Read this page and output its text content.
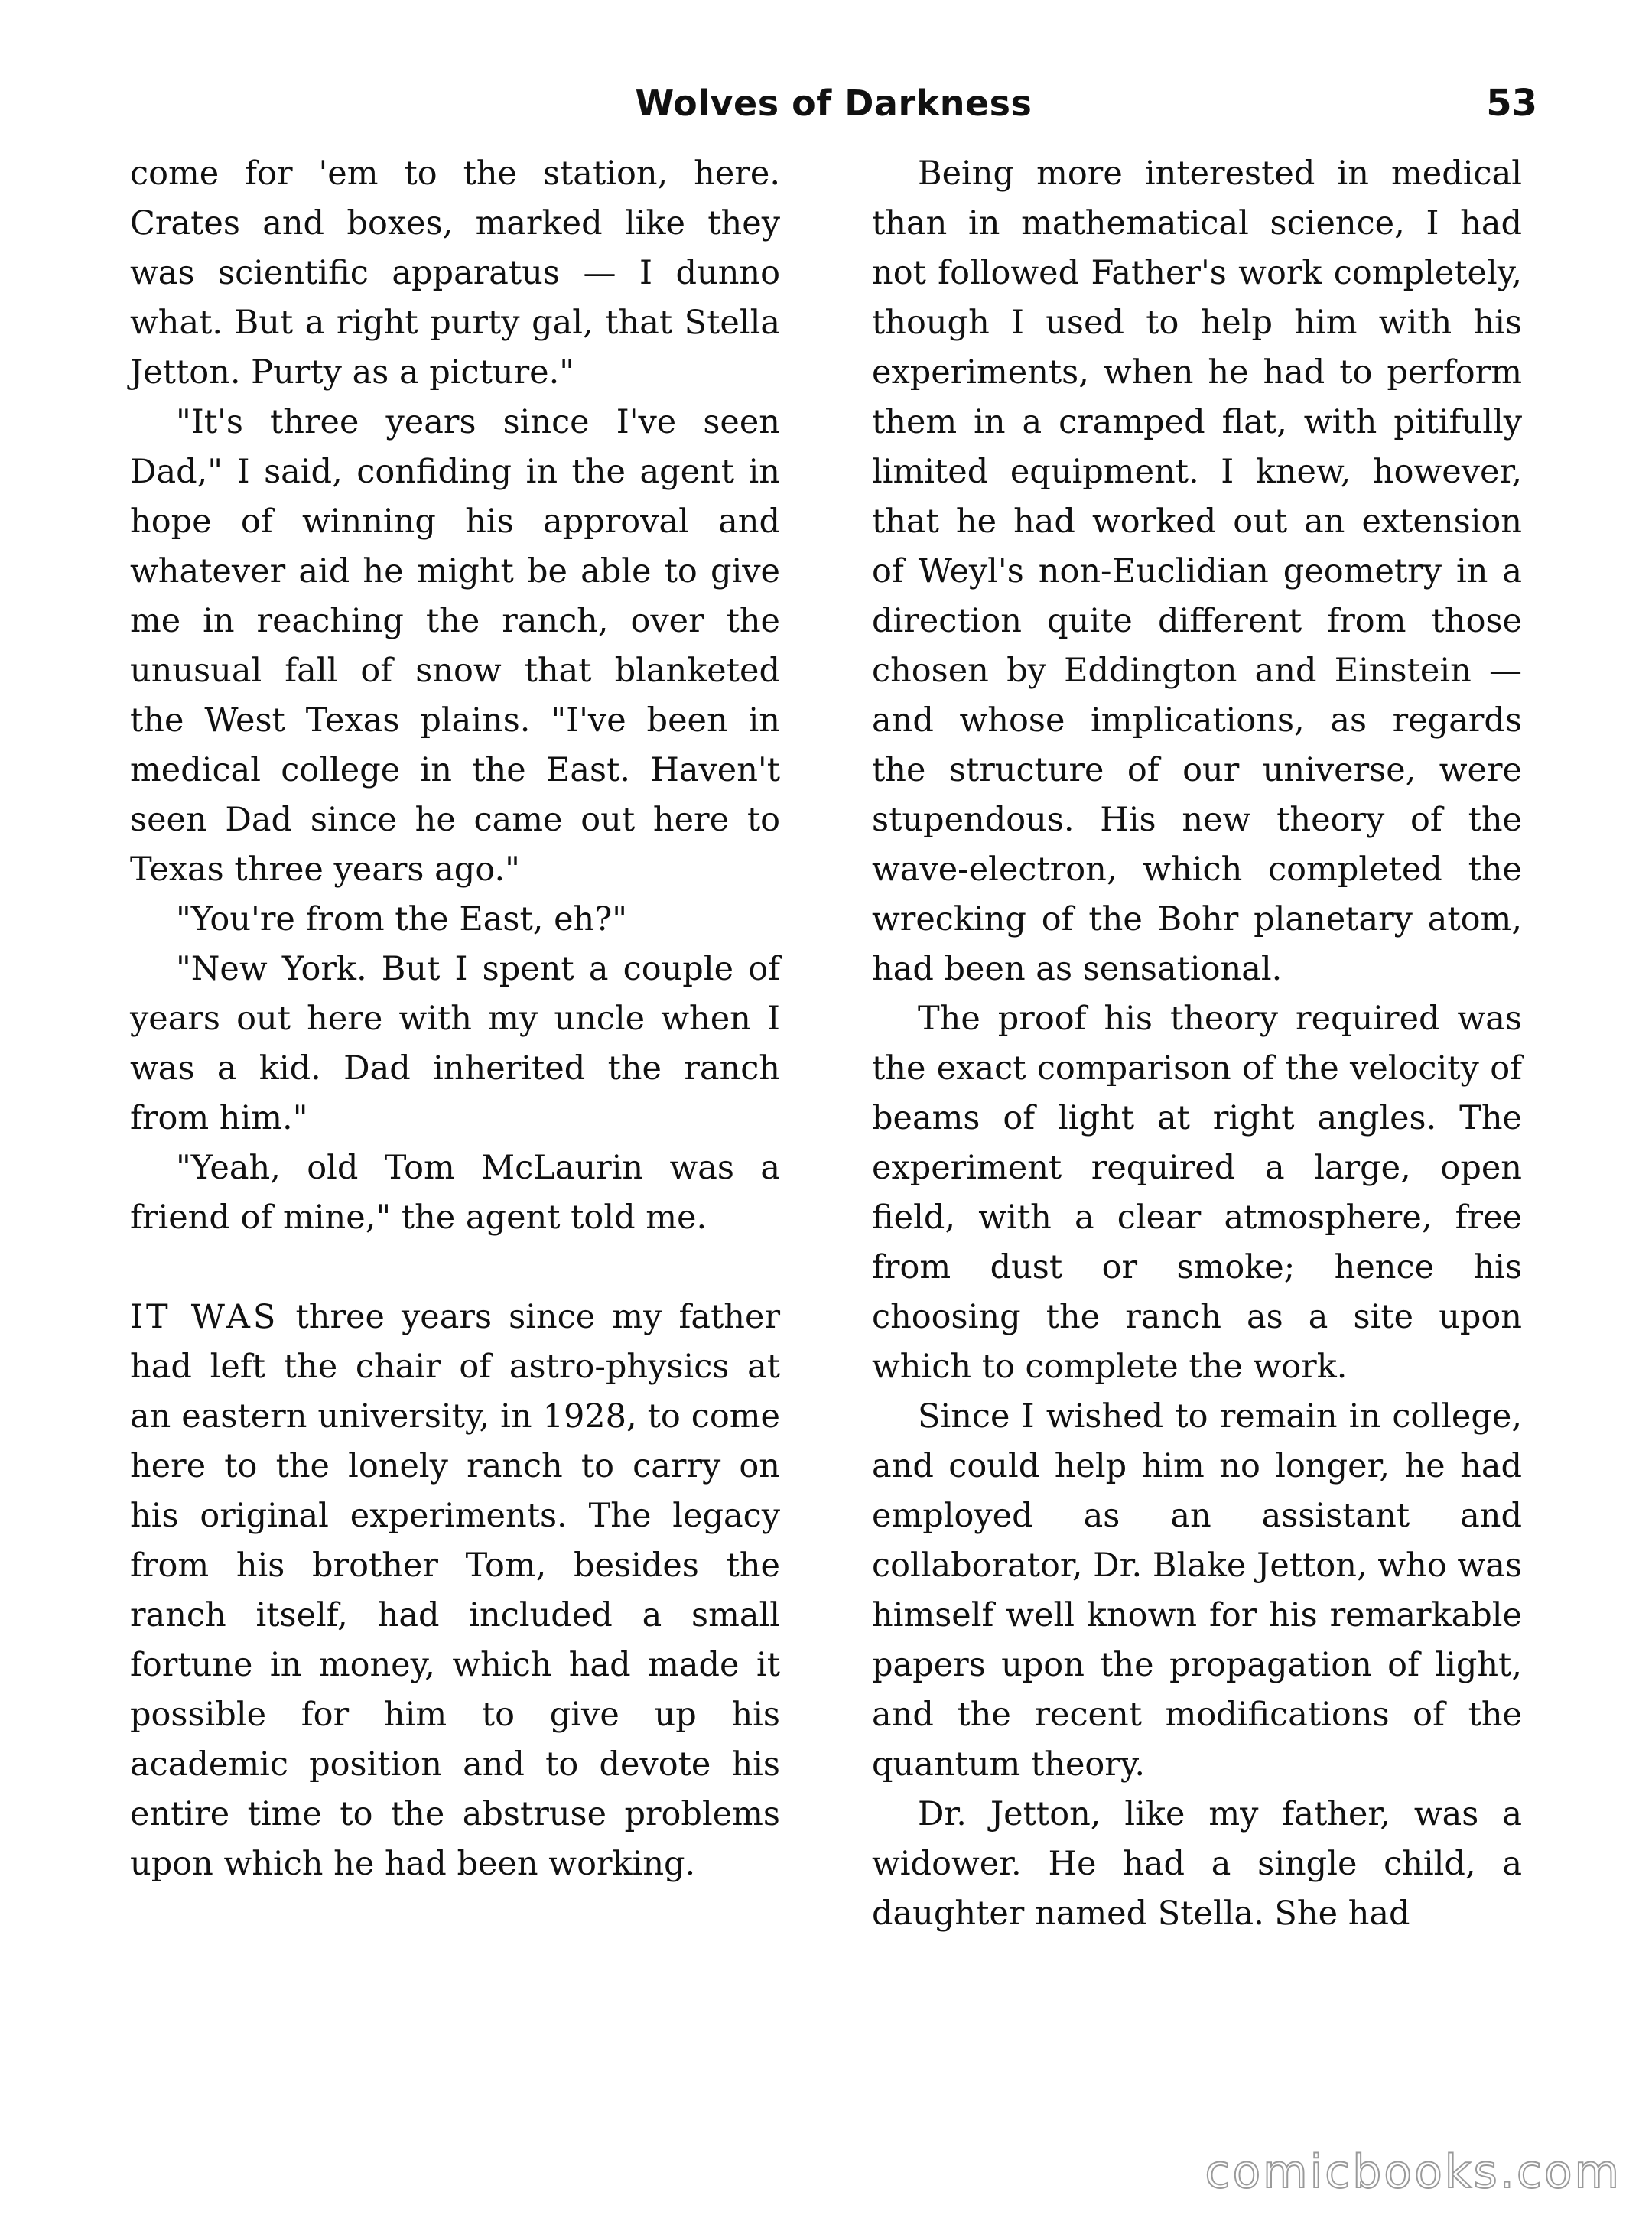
Wolves of Darkness	53

come for 'em to the station, here. Crates and boxes, marked like they was scientific apparatus — I dunno what. But a right purty gal, that Stella Jetton. Purty as a picture."

"It's three years since I've seen Dad," I said, confiding in the agent in hope of winning his approval and whatever aid he might be able to give me in reaching the ranch, over the unusual fall of snow that blanketed the West Texas plains. "I've been in medical college in the East. Haven't seen Dad since he came out here to Texas three years ago."

"You're from the East, eh?"

"New York. But I spent a couple of years out here with my uncle when I was a kid. Dad inherited the ranch from him."

"Yeah, old Tom McLaurin was a friend of mine," the agent told me.

IT WAS three years since my father had left the chair of astro-physics at an eastern university, in 1928, to come here to the lonely ranch to carry on his original experiments. The legacy from his brother Tom, besides the ranch itself, had included a small fortune in money, which had made it possible for him to give up his academic position and to devote his entire time to the abstruse problems upon which he had been working.

Being more interested in medical than in mathematical science, I had not followed Father's work completely, though I used to help him with his experiments, when he had to perform them in a cramped flat, with pitifully limited equipment. I knew, however, that he had worked out an extension of Weyl's non-Euclidian geometry in a direction quite different from those chosen by Eddington and Einstein — and whose implications, as regards the structure of our universe, were stupendous. His new theory of the wave-electron, which completed the wrecking of the Bohr planetary atom, had been as sensational.

The proof his theory required was the exact comparison of the velocity of beams of light at right angles. The experiment required a large, open field, with a clear atmosphere, free from dust or smoke; hence his choosing the ranch as a site upon which to complete the work.

Since I wished to remain in college, and could help him no longer, he had employed as an assistant and collaborator, Dr. Blake Jetton, who was himself well known for his remarkable papers upon the propagation of light, and the recent modifications of the quantum theory.

Dr. Jetton, like my father, was a widower. He had a single child, a daughter named Stella. She had

comicbooks.com
